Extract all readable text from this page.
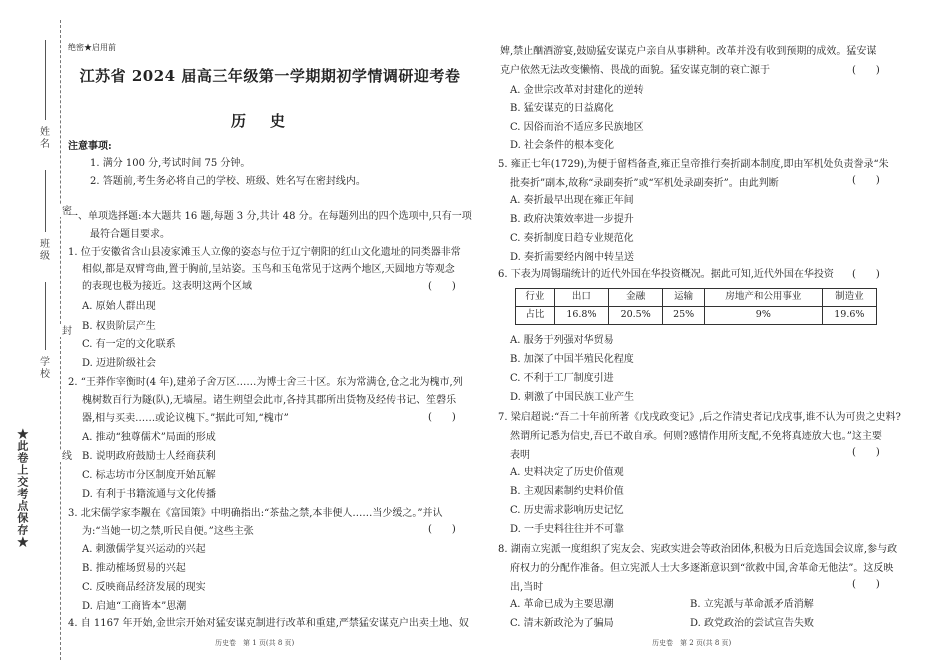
姓名
班级
学校
密
封
线
★此卷上交考点保存★
绝密★启用前
江苏省 2024 届高三年级第一学期期初学情调研迎考卷
历史
注意事项:
1. 满分 100 分,考试时间 75 分钟。
2. 答题前,考生务必将自己的学校、班级、姓名写在密封线内。
一、单项选择题:本大题共 16 题,每题 3 分,共计 48 分。在每题列出的四个选项中,只有一项
最符合题目要求。
1. 位于安徽省含山县凌家滩玉人立像的姿态与位于辽宁朝阳的红山文化遗址的同类器非常
相似,都是双臂弯曲,置于胸前,呈站姿。玉鸟和玉龟常见于这两个地区,天圆地方等观念
的表现也极为接近。这表明这两个区域	(　　)
A. 原始人群出现
B. 权贵阶层产生
C. 有一定的文化联系
D. 迈进阶级社会
2. “王莽作宰衡时(4 年),建弟子舍万区……为博士舍三十区。东为常满仓,仓之北为槐市,列
槐树数百行为隧(队),无墙屋。诸生朔望会此市,各持其郡所出货物及经传书记、笙磬乐
器,相与买卖……或论议槐下。”据此可知,“槐市”	(　　)
A. 推动“独尊儒术”局面的形成
B. 说明政府鼓励士人经商获利
C. 标志坊市分区制度开始瓦解
D. 有利于书籍流通与文化传播
3. 北宋儒学家李觏在《富国策》中明确指出:“茶盐之禁,本非便人……当少缓之。”并认
为:“当她一切之禁,听民自便。”这些主张	(　　)
A. 刺激儒学复兴运动的兴起
B. 推动榷场贸易的兴起
C. 反映商品经济发展的现实
D. 启迪“工商皆本”思潮
4. 自 1167 年开始,金世宗开始对猛安谋克制进行改革和重建,严禁猛安谋克户出卖土地、奴
历史卷　第 1 页(共 8 页)
婢,禁止酗酒游宴,鼓励猛安谋克户亲自从事耕种。改革并没有收到预期的成效。猛安谋
克户依然无法改变懒惰、畏战的面貌。猛安谋克制的衰亡源于	(　　)
A. 金世宗改革对封建化的逆转
B. 猛安谋克的日益腐化
C. 因俗而治不适应多民族地区
D. 社会条件的根本变化
5. 雍正七年(1729),为便于留档备查,雍正皇帝推行奏折副本制度,即由军机处负责誊录“朱
批奏折”副本,故称“录副奏折”或“军机处录副奏折”。由此判断	(　　)
A. 奏折最早出现在雍正年间
B. 政府决策效率进一步提升
C. 奏折制度日趋专业规范化
D. 奏折需要经内阁中转呈送
6. 下表为周锡瑞统计的近代外国在华投资概况。据此可知,近代外国在华投资 (　　)
行业	出口	金融	运输	房地产和公用事业	制造业
占比	16.8%	20.5%	25%	9%	19.6%
A. 服务于列强对华贸易
B. 加深了中国半殖民化程度
C. 不利于工厂制度引进
D. 刺激了中国民族工业产生
7. 梁启超说:“吾二十年前所著《戊戌政变记》,后之作清史者记戊戌事,谁不认为可贵之史料?
然谓所记悉为信史,吾已不敢自承。何则?感情作用所支配,不免将真迹放大也。”这主要
表明	(　　)
A. 史料决定了历史价值观
B. 主观因素制约史料价值
C. 历史需求影响历史记忆
D. 一手史料往往并不可靠
8. 湖南立宪派一度组织了宪友会、宪政实进会等政治团体,积极为日后竞选国会议席,参与政
府权力的分配作准备。但立宪派人士大多逐渐意识到“欲救中国,舍革命无他法”。这反映
出,当时	(　　)
A. 革命已成为主要思潮	B. 立宪派与革命派矛盾消解
C. 清末新政沦为了骗局	D. 政党政治的尝试宣告失败
历史卷　第 2 页(共 8 页)
